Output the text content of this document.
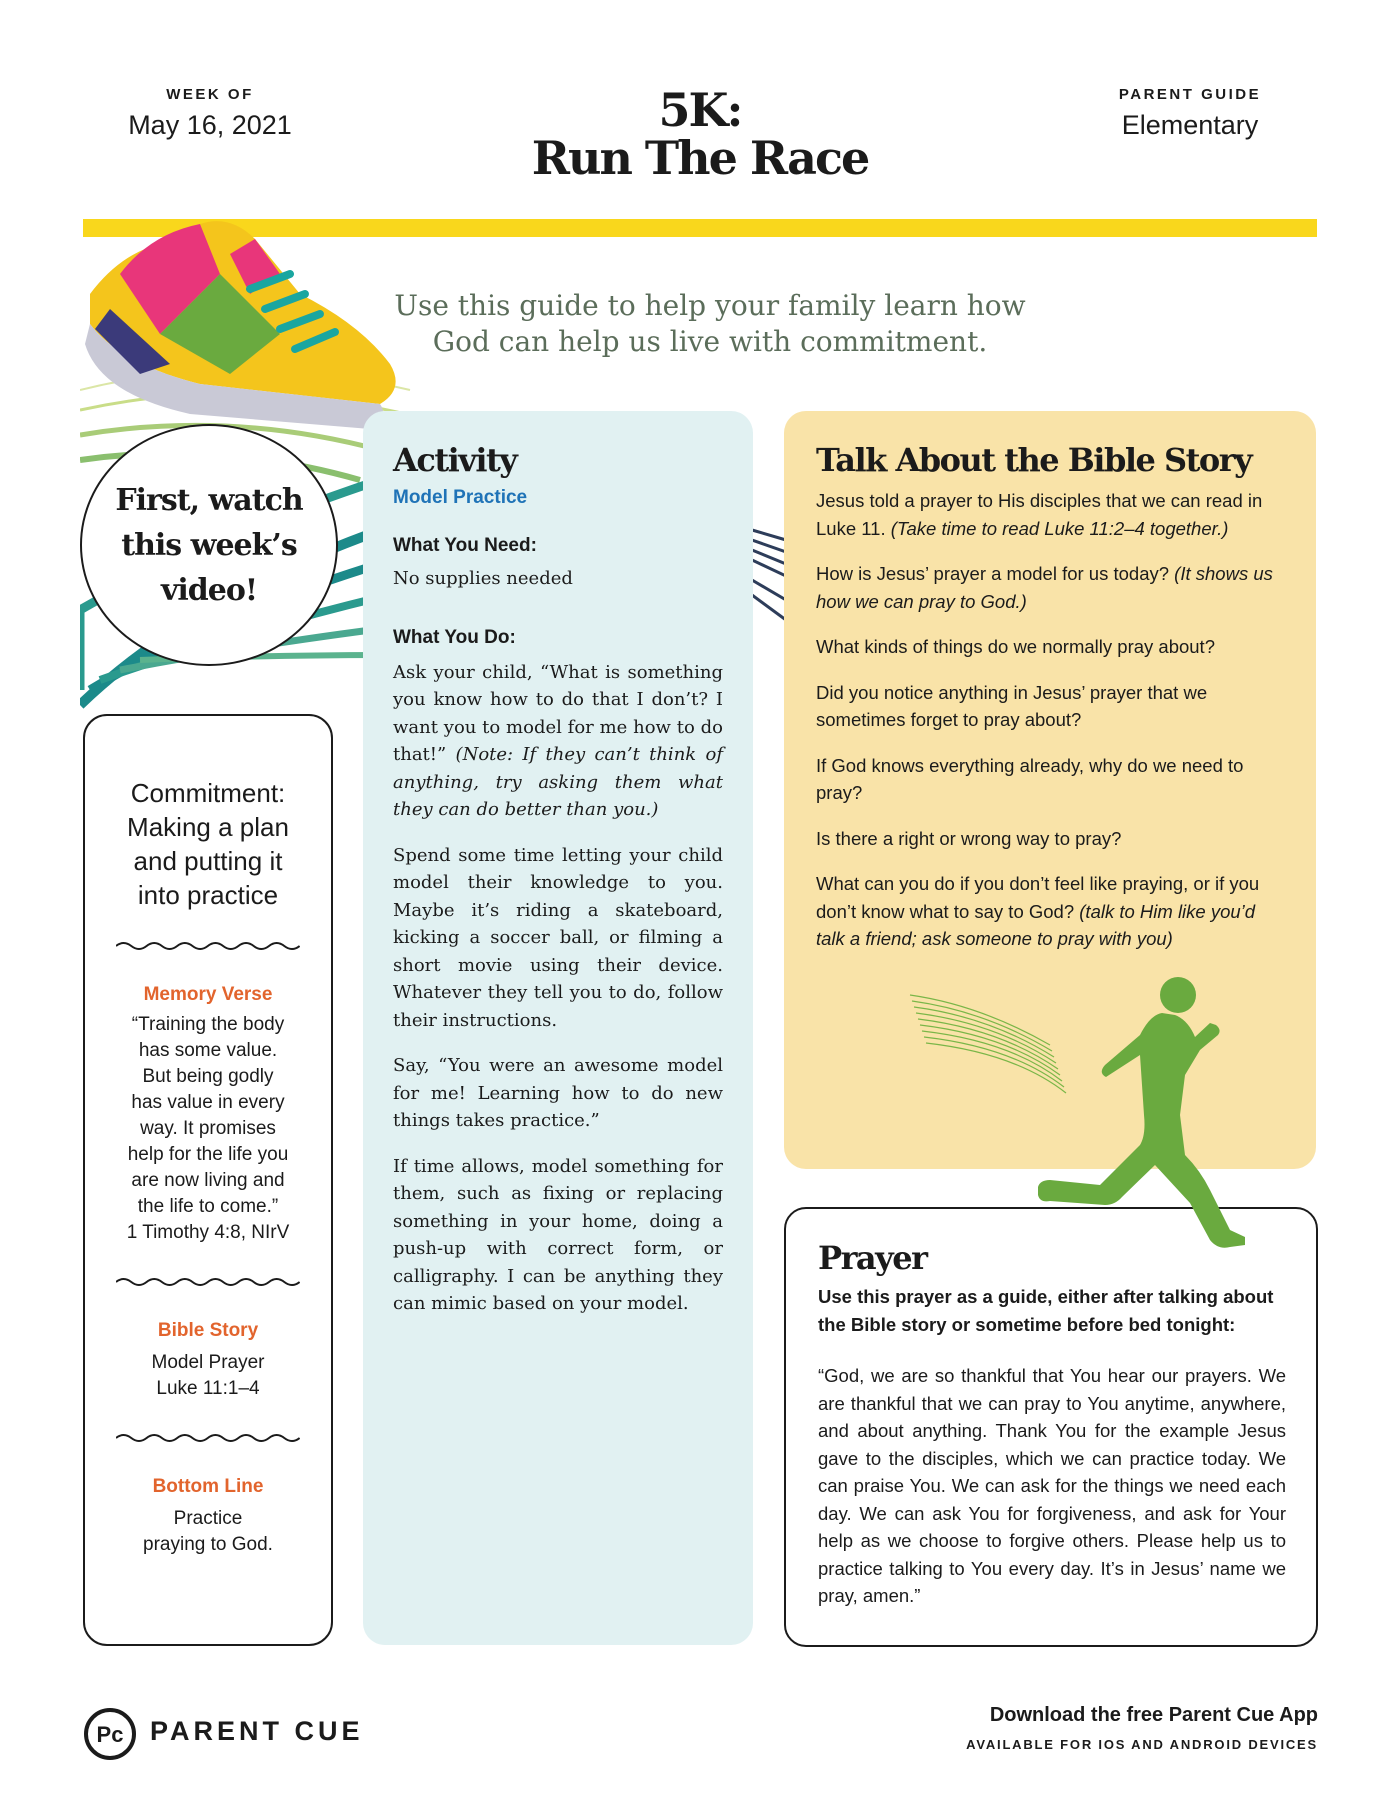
WEEK OF
May 16, 2021	5K:
Run The Race
PARENT GUIDE
Elementary
Use this guide to help your family learn how
God can help us live with commitment.
First, watch
this week’s
video!
Commitment:
Making a plan
and putting it
into practice
Memory Verse
“Training the body
has some value.
But being godly
has value in every
way. It promises
help for the life you
are now living and
the life to come.”
1 Timothy 4:8, NIrV
Bible Story
Model Prayer
Luke 11:1–4
Bottom Line
Practice
praying to God.
Activity
Model Practice
What You Need:
No supplies needed
What You Do:
Ask your child, “What is something you know how to do that I don’t? I want you to model for me how to do that!” (Note: If they can’t think of anything, try asking them what they can do better than you.)
Spend some time letting your child model their knowledge to you. Maybe it’s riding a skateboard, kicking a soccer ball, or filming a short movie using their device. Whatever they tell you to do, follow their instructions.
Say, “You were an awesome model for me! Learning how to do new things takes practice.”
If time allows, model something for them, such as fixing or replacing something in your home, doing a push-up with correct form, or calligraphy. I can be anything they can mimic based on your model.
Talk About the Bible Story
Jesus told a prayer to His disciples that we can read in Luke 11. (Take time to read Luke 11:2–4 together.)
How is Jesus’ prayer a model for us today? (It shows us how we can pray to God.)
What kinds of things do we normally pray about?
Did you notice anything in Jesus’ prayer that we sometimes forget to pray about?
If God knows everything already, why do we need to pray?
Is there a right or wrong way to pray?
What can you do if you don’t feel like praying, or if you don’t know what to say to God? (talk to Him like you’d talk a friend; ask someone to pray with you)
Prayer
Use this prayer as a guide, either after talking about the Bible story or sometime before bed tonight:
“God, we are so thankful that You hear our prayers. We are thankful that we can pray to You anytime, anywhere, and about anything. Thank You for the example Jesus gave to the disciples, which we can practice today. We can praise You. We can ask for the things we need each day. We can ask You for forgiveness, and ask for Your help as we choose to forgive others. Please help us to practice talking to You every day. It’s in Jesus’ name we pray, amen.”
Pc PARENT CUE
Download the free Parent Cue App
AVAILABLE FOR IOS AND ANDROID DEVICES
